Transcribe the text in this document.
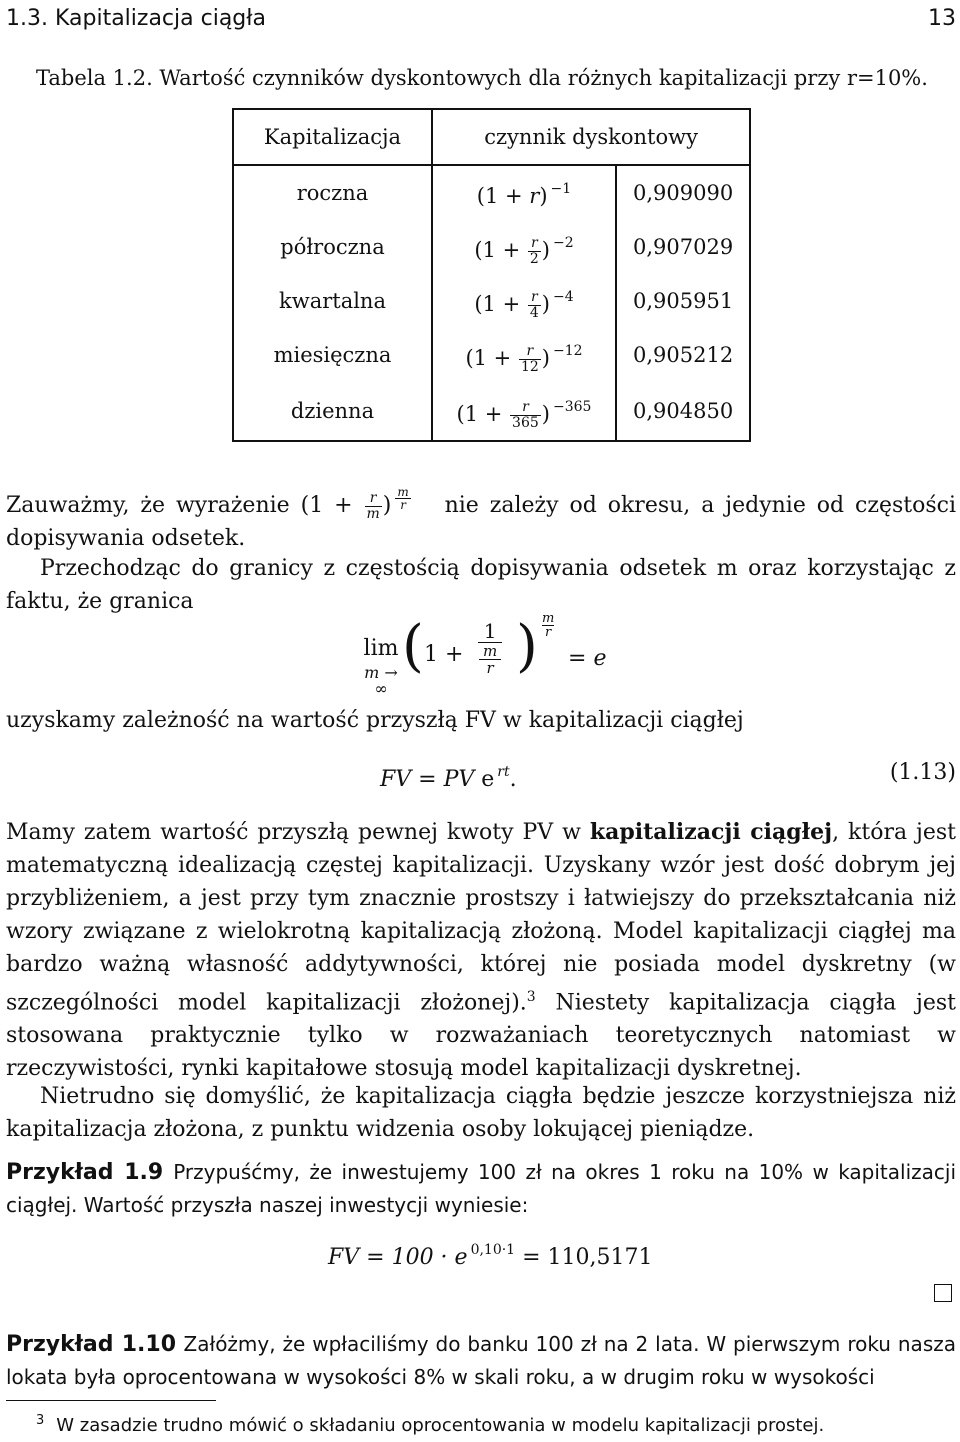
1.3. Kapitalizacja ciągła	13
Tabela 1.2. Wartość czynników dyskontowych dla różnych kapitalizacji przy r=10%.
Kapitalizacja	czynnik dyskontowy	
roczna	(1 + r) $^{-1}$	0,909090
półroczna	($1 + \frac{r}{2}$ ) $^{-2}$	0,907029
kwartalna	($1 + \frac{r}{4}$ ) $^{-4}$	0,905951
miesięczna	($1 + \frac{r}{12}$ ) $^{-12}$	0,905212
dzienna	($1 + \frac{r}{365}$ ) $^{-365}$	0,904850

Zauważmy, że wyrażenie ($1 + \frac{r}{m}$ ) $^{\frac{m}{r}}$ nie zależy od okresu, a jedynie od częstości dopisywania odsetek.

Przechodząc do granicy z częstością dopisywania odsetek m oraz korzystając z faktu, że granica
lim
m → ∞
( $1 + \frac{1}{\frac{m}{r}}$ ) $\frac{m}{r}$
= e
uzyskamy zależność na wartość przyszłą FV w kapitalizacji ciągłej
FV = PV e $^{rt}$.	(1.13)

Mamy zatem wartość przyszłą pewnej kwoty PV w kapitalizacji ciągłej, która jest matematyczną idealizacją częstej kapitalizacji. Uzyskany wzór jest dość dobrym jej przybliżeniem, a jest przy tym znacznie prostszy i łatwiejszy do przekształcania niż wzory związane z wielokrotną kapitalizacją złożoną. Model kapitalizacji ciągłej ma bardzo ważną własność addytywności, której nie posiada model dyskretny (w szczególności model kapitalizacji złożonej).$^3$ Niestety kapitalizacja ciągła jest stosowana praktycznie tylko w rozważaniach teoretycznych natomiast w rzeczywistości, rynki kapitałowe stosują model kapitalizacji dyskretnej.

Nietrudno się domyślić, że kapitalizacja ciągła będzie jeszcze korzystniejsza niż kapitalizacja złożona, z punktu widzenia osoby lokującej pieniądze.

Przykład 1.9 Przypuśćmy, że inwestujemy 100 zł na okres 1 roku na 10% w kapitalizacji ciągłej. Wartość przyszła naszej inwestycji wyniesie:

FV = 100 · e $^{0,10\cdot 1}$ = 110,5171

Przykład 1.10 Załóżmy, że wpłaciliśmy do banku 100 zł na 2 lata. W pierwszym roku nasza lokata była oprocentowana w wysokości 8% w skali roku, a w drugim roku w wysokości

$^3$ W zasadzie trudno mówić o składaniu oprocentowania w modelu kapitalizacji prostej.
